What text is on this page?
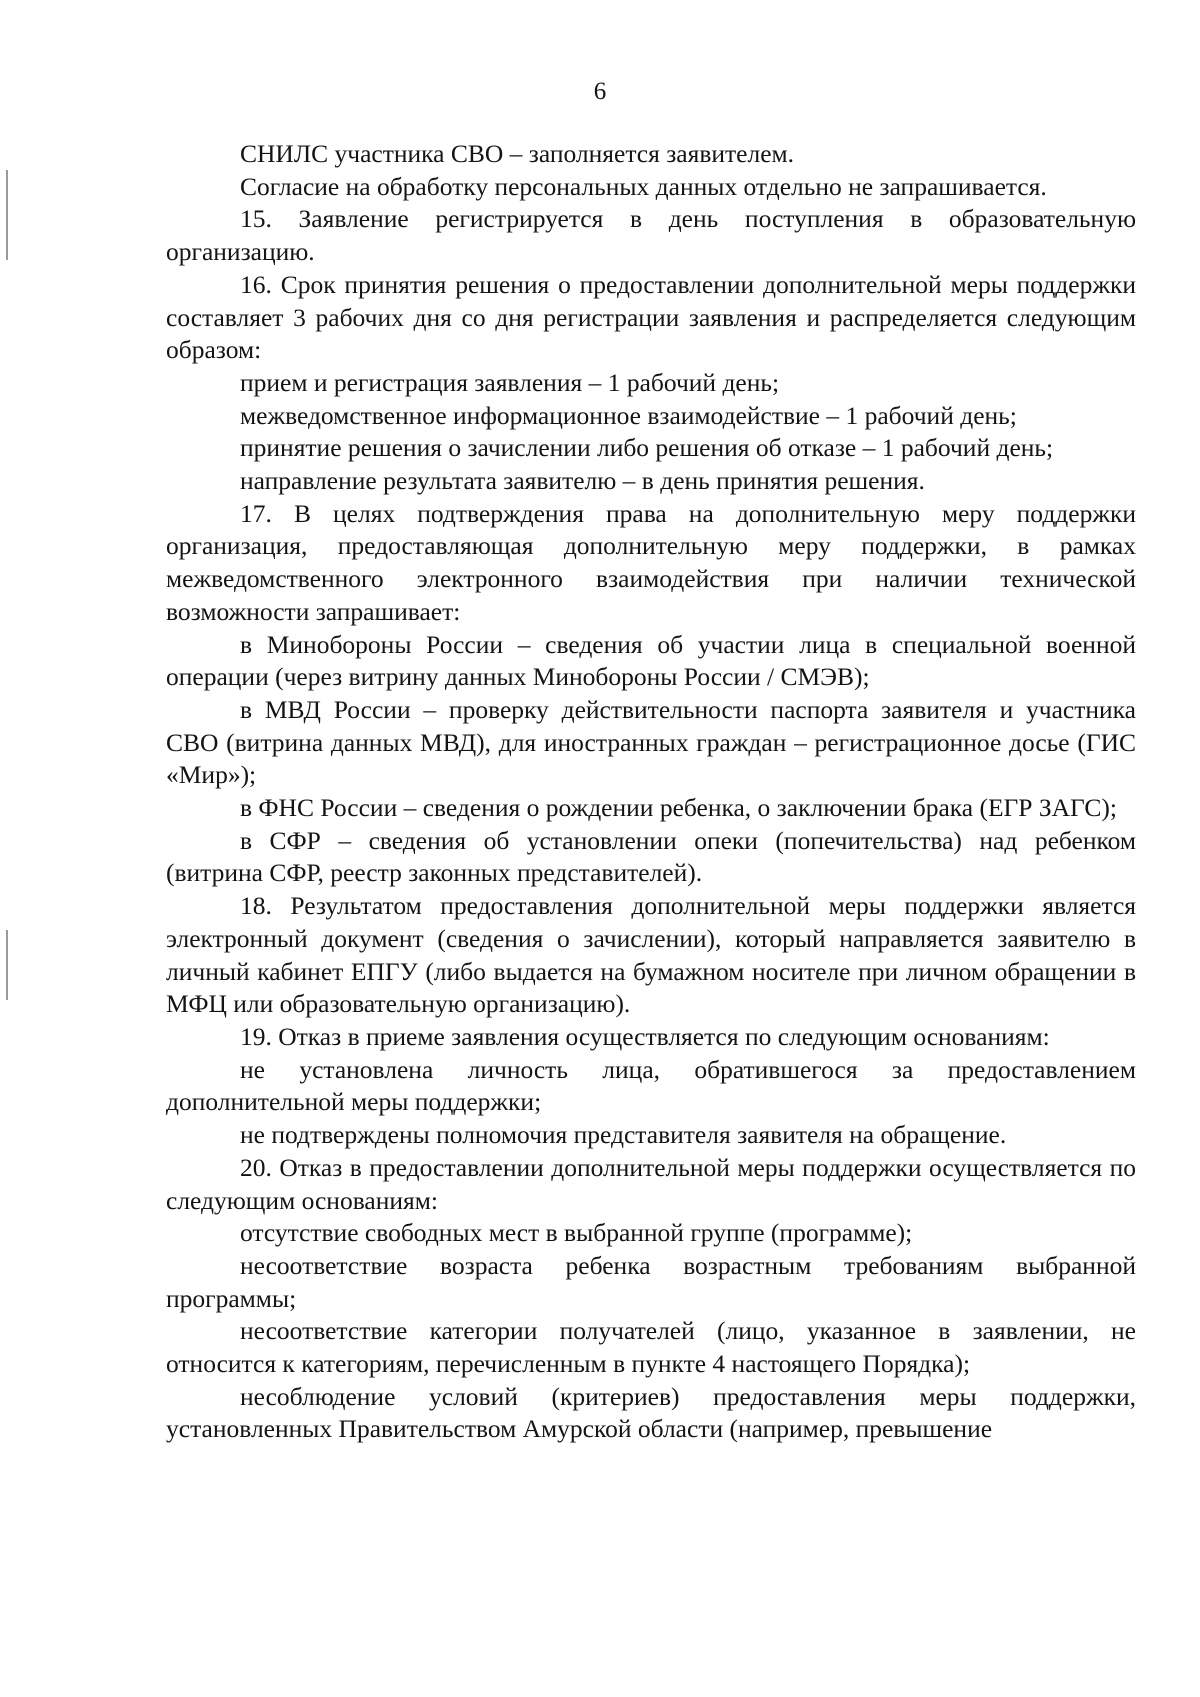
6

СНИЛС участника СВО – заполняется заявителем.

Согласие на обработку персональных данных отдельно не запрашивается.

15. Заявление регистрируется в день поступления в образовательную организацию.

16. Срок принятия решения о предоставлении дополнительной меры поддержки составляет 3 рабочих дня со дня регистрации заявления и распределяется следующим образом:

прием и регистрация заявления – 1 рабочий день;

межведомственное информационное взаимодействие – 1 рабочий день;

принятие решения о зачислении либо решения об отказе – 1 рабочий день;

направление результата заявителю – в день принятия решения.

17. В целях подтверждения права на дополнительную меру поддержки организация, предоставляющая дополнительную меру поддержки, в рамках межведомственного электронного взаимодействия при наличии технической возможности запрашивает:

в Минобороны России – сведения об участии лица в специальной военной операции (через витрину данных Минобороны России / СМЭВ);

в МВД России – проверку действительности паспорта заявителя и участника СВО (витрина данных МВД), для иностранных граждан – регистрационное досье (ГИС «Мир»);

в ФНС России – сведения о рождении ребенка, о заключении брака (ЕГР ЗАГС);

в СФР – сведения об установлении опеки (попечительства) над ребенком (витрина СФР, реестр законных представителей).

18. Результатом предоставления дополнительной меры поддержки является электронный документ (сведения о зачислении), который направляется заявителю в личный кабинет ЕПГУ (либо выдается на бумажном носителе при личном обращении в МФЦ или образовательную организацию).

19. Отказ в приеме заявления осуществляется по следующим основаниям:

не установлена личность лица, обратившегося за предоставлением дополнительной меры поддержки;

не подтверждены полномочия представителя заявителя на обращение.

20. Отказ в предоставлении дополнительной меры поддержки осуществляется по следующим основаниям:

отсутствие свободных мест в выбранной группе (программе);

несоответствие возраста ребенка возрастным требованиям выбранной программы;

несоответствие категории получателей (лицо, указанное в заявлении, не относится к категориям, перечисленным в пункте 4 настоящего Порядка);

несоблюдение условий (критериев) предоставления меры поддержки, установленных Правительством Амурской области (например, превышение
